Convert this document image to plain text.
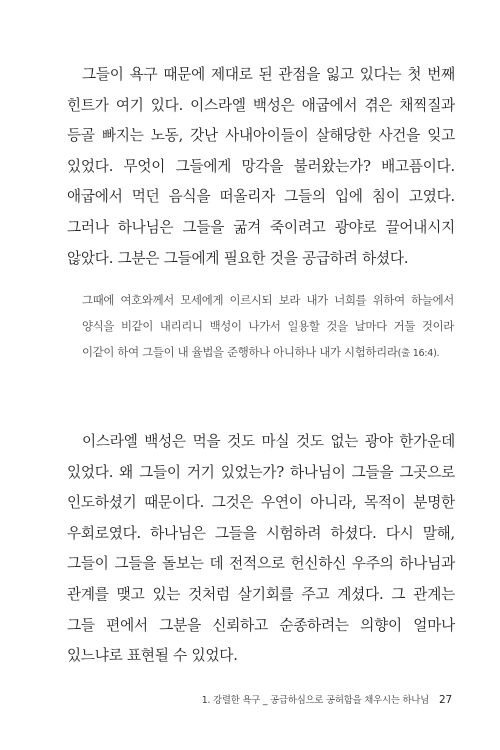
그들이 욕구 때문에 제대로 된 관점을 잃고 있다는 첫 번째 힌트가 여기 있다. 이스라엘 백성은 애굽에서 겪은 채찍질과 등골 빠지는 노동, 갓난 사내아이들이 살해당한 사건을 잊고 있었다. 무엇이 그들에게 망각을 불러왔는가? 배고픔이다. 애굽에서 먹던 음식을 떠올리자 그들의 입에 침이 고였다. 그러나 하나님은 그들을 굶겨 죽이려고 광야로 끌어내시지 않았다. 그분은 그들에게 필요한 것을 공급하려 하셨다.

그때에 여호와께서 모세에게 이르시되 보라 내가 너희를 위하여 하늘에서 양식을 비같이 내리리니 백성이 나가서 일용할 것을 날마다 거둘 것이라 이같이 하여 그들이 내 율법을 준행하나 아니하나 내가 시험하리라(출 16:4).

이스라엘 백성은 먹을 것도 마실 것도 없는 광야 한가운데 있었다. 왜 그들이 거기 있었는가? 하나님이 그들을 그곳으로 인도하셨기 때문이다. 그것은 우연이 아니라, 목적이 분명한 우회로였다. 하나님은 그들을 시험하려 하셨다. 다시 말해, 그들이 그들을 돌보는 데 전적으로 헌신하신 우주의 하나님과 관계를 맺고 있는 것처럼 살기회를 주고 계셨다. 그 관계는 그들 편에서 그분을 신뢰하고 순종하려는 의향이 얼마나 있느냐로 표현될 수 있었다.

1. 강렬한 욕구 _ 공급하심으로 공허함을 채우시는 하나님 27
